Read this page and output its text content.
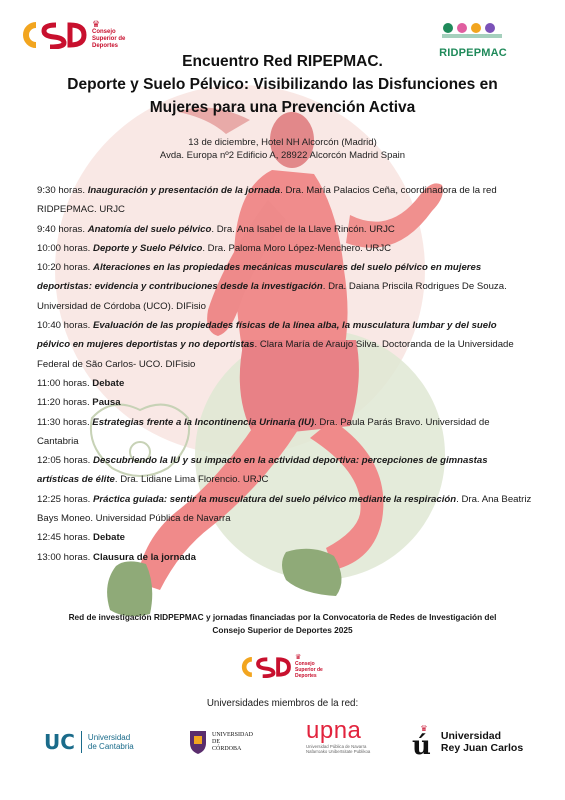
♛
Consejo Superior de Deportes
RIDPEPMAC
Encuentro Red RIPEPMAC.
Deporte y Suelo Pélvico: Visibilizando las Disfunciones en
Mujeres para una Prevención Activa
13 de diciembre, Hotel NH Alcorcón (Madrid)
Avda. Europa nº2 Edificio A, 28922 Alcorcón Madrid Spain

9:30 horas. Inauguración y presentación de la jornada. Dra. María Palacios Ceña, coordinadora de la red RIDPEPMAC. URJC

9:40 horas. Anatomía del suelo pélvico. Dra. Ana Isabel de la Llave Rincón. URJC

10:00 horas. Deporte y Suelo Pélvico. Dra. Paloma Moro López-Menchero. URJC

10:20 horas. Alteraciones en las propiedades mecánicas musculares del suelo pélvico en mujeres deportistas: evidencia y contribuciones desde la investigación. Dra. Daiana Priscila Rodrigues De Souza. Universidad de Córdoba (UCO). DIFisio

10:40 horas. Evaluación de las propiedades físicas de la línea alba, la musculatura lumbar y del suelo pélvico en mujeres deportistas y no deportistas. Clara María de Araujo Silva. Doctoranda de la Universidade Federal de São Carlos- UCO. DIFisio

11:00 horas. Debate

11:20 horas. Pausa

11:30 horas. Estrategias frente a la Incontinencia Urinaria (IU). Dra. Paula Parás Bravo. Universidad de Cantabria

12:05 horas. Descubriendo la IU y su impacto en la actividad deportiva: percepciones de gimnastas artísticas de élite. Dra. Lidiane Lima Florencio. URJC

12:25 horas. Práctica guiada: sentir la musculatura del suelo pélvico mediante la respiración. Dra. Ana Beatriz Bays Moneo. Universidad Pública de Navarra

12:45 horas. Debate

13:00 horas. Clausura de la jornada

Red de investigación RIDPEPMAC y jornadas financiadas por la Convocatoria de Redes de Investigación del
Consejo Superior de Deportes 2025
♛
Consejo Superior de Deportes
Universidades miembros de la red:
UC Universidad
de Cantabria
UNIVERSIDAD
DE
CÓRDOBA
upna
Universidad Pública de Navarra
Nafarroako Unibertsitate Publikoa
♛
ú Universidad
Rey Juan Carlos
